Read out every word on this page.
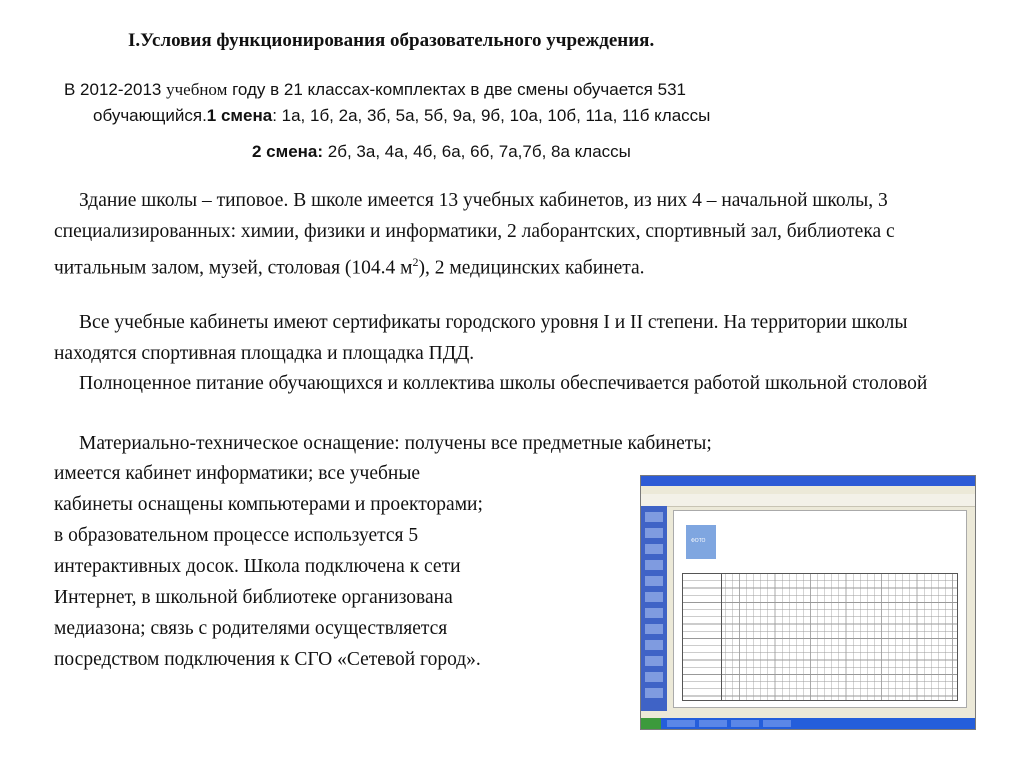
I.Условия функционирования образовательного учреждения.
В 2012-2013 учебном году в 21 классах-комплектах в две смены обучается 531
обучающийся.1 смена: 1а, 1б, 2а, 3б, 5а, 5б, 9а, 9б, 10а, 10б, 11а, 11б классы
2 смена: 2б, 3а, 4а, 4б, 6а, 6б, 7а,7б, 8а классы
Здание школы – типовое. В школе имеется 13 учебных кабинетов, из них 4 – начальной школы, 3 специализированных: химии, физики и информатики, 2 лаборантских, спортивный зал, библиотека с читальным залом, музей, столовая (104.4 $м^2$), 2 медицинских кабинета.
Все учебные кабинеты имеют сертификаты городского уровня I и II степени. На территории школы находятся спортивная площадка и площадка ПДД.
Полноценное питание обучающихся и коллектива школы обеспечивается работой школьной столовой
Материально-техническое оснащение: получены все предметные кабинеты;
имеется кабинет информатики; все учебные
кабинеты оснащены компьютерами и проекторами;
в образовательном процессе используется 5
интерактивных досок. Школа подключена к сети
Интернет, в школьной библиотеке организована
медиазона; связь с родителями осуществляется
посредством подключения к СГО «Сетевой город».
ФОТО
